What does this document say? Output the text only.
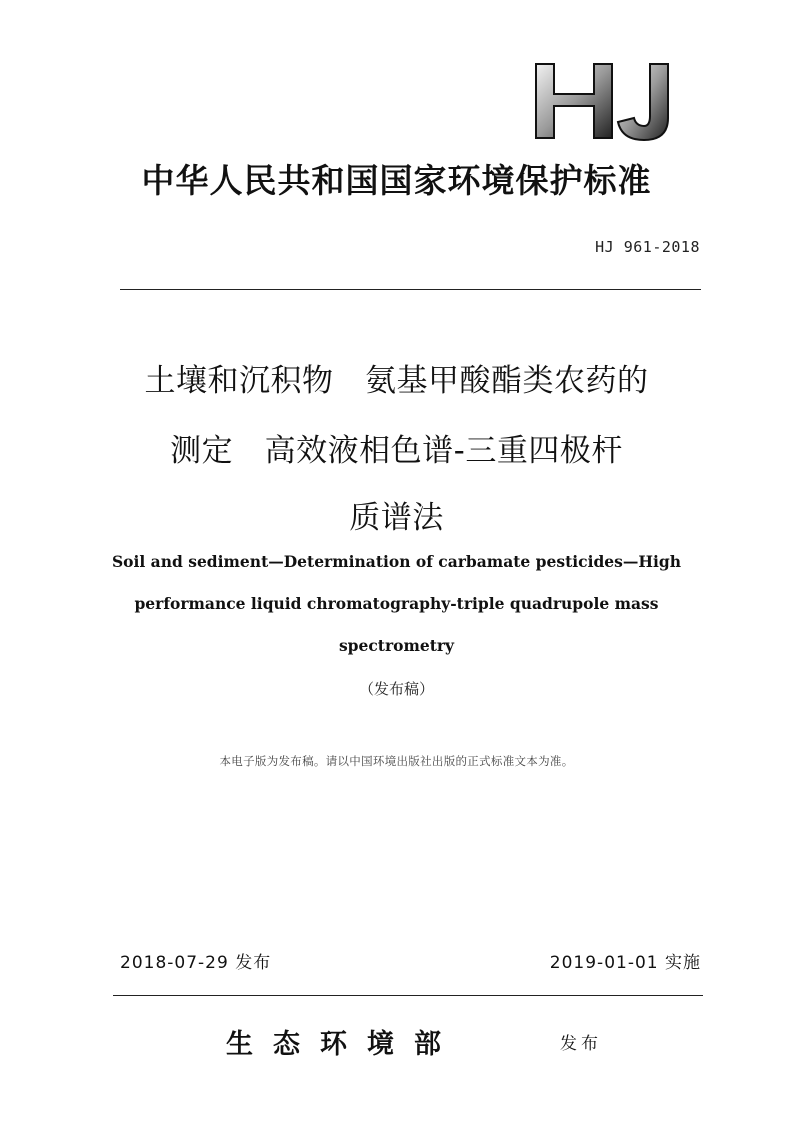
中华人民共和国国家环境保护标准
HJ 961-2018
土壤和沉积物　氨基甲酸酯类农药的
测定　高效液相色谱-三重四极杆
质谱法
Soil and sediment—Determination of carbamate pesticides—High
performance liquid chromatography-triple quadrupole mass
spectrometry
（发布稿）
本电子版为发布稿。请以中国环境出版社出版的正式标准文本为准。
2018-07-29 发布	2019-01-01 实施
生态环境部	发布
